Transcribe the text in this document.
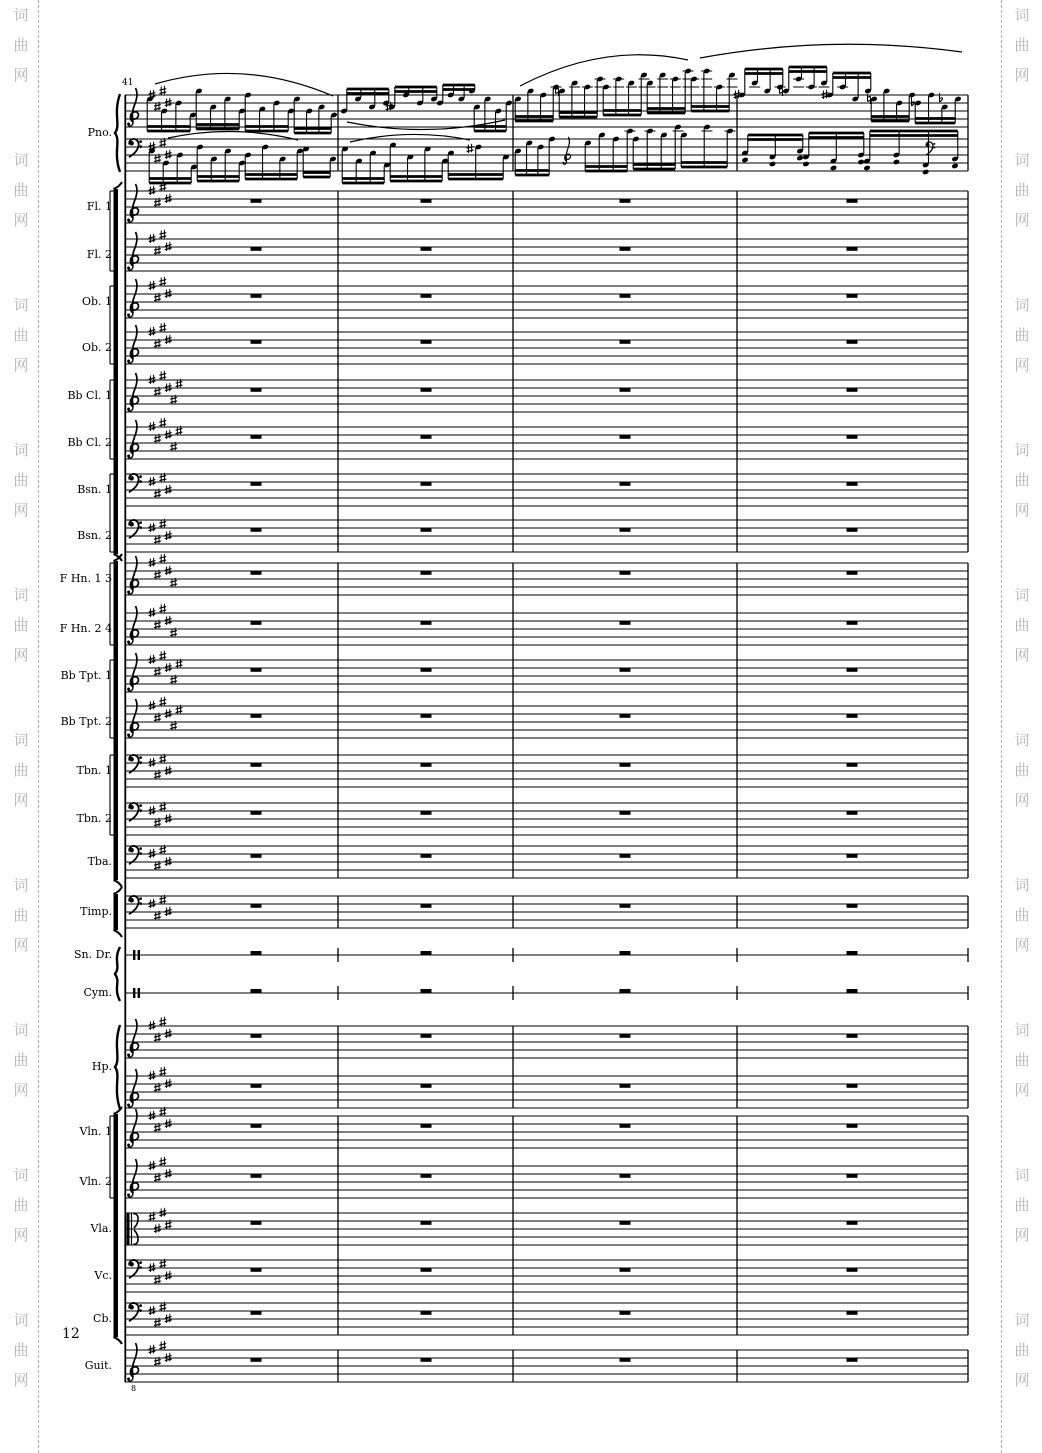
词
曲
网
词
曲
网
词
曲
网
词
曲
网
词
曲
网
词
曲
网
词
曲
网
词
曲
网
词
曲
网
词
曲
网
词
曲
网
词
曲
网
词
曲
网
词
曲
网
词
曲
网
词
曲
网
词
曲
网
词
曲
网
词
曲
网
词
曲
网
41
12
Pno.
Fl. 1
Fl. 2
Ob. 1
Ob. 2
Bb Cl. 1
Bb Cl. 2
Bsn. 1
Bsn. 2
F Hn. 1 3
F Hn. 2 4
Bb Tpt. 1
Bb Tpt. 2
Tbn. 1
Tbn. 2
Tba.
Timp.
Sn. Dr.
Cym.
Hp.
Vln. 1
Vln. 2
Vla.
Vc.
Cb.
Guit.
8
